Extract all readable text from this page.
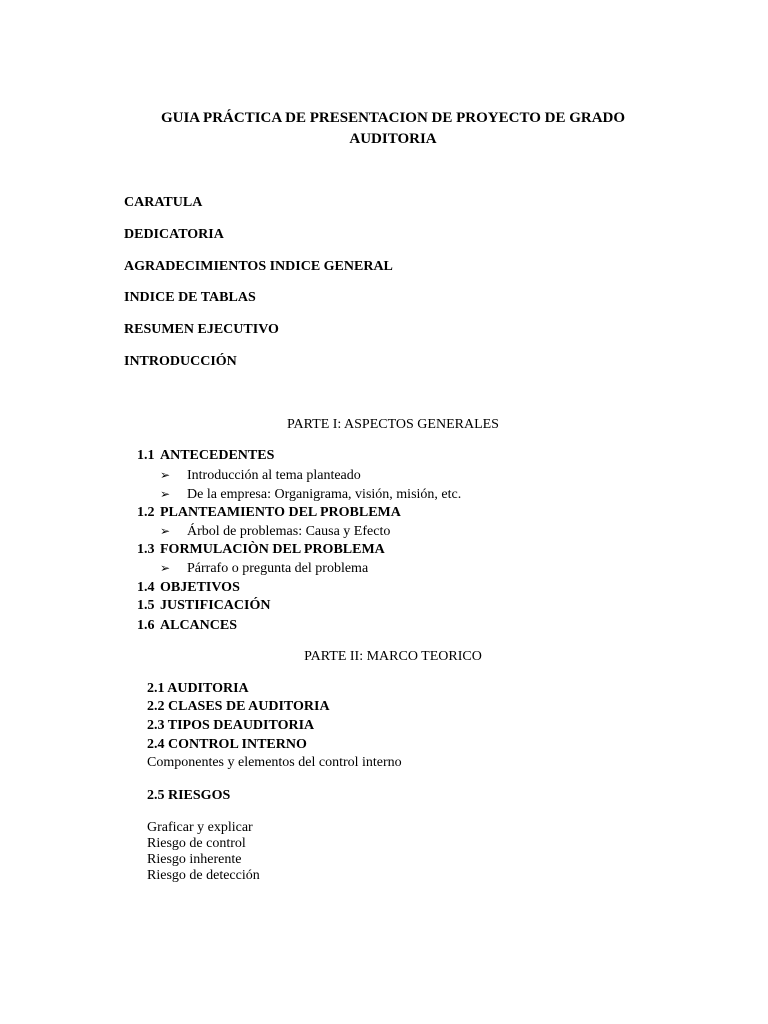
GUIA PRÁCTICA DE PRESENTACION DE PROYECTO DE GRADO
AUDITORIA
CARATULA
DEDICATORIA
AGRADECIMIENTOS INDICE GENERAL
INDICE DE TABLAS
RESUMEN EJECUTIVO
INTRODUCCIÓN
PARTE I: ASPECTOS GENERALES
1.1 ANTECEDENTES
➢ Introducción al tema planteado
➢ De la empresa: Organigrama, visión, misión, etc.
1.2 PLANTEAMIENTO DEL PROBLEMA
➢ Árbol de problemas: Causa y Efecto
1.3 FORMULACIÒN DEL PROBLEMA
➢ Párrafo o pregunta del problema
1.4 OBJETIVOS
1.5 JUSTIFICACIÓN
1.6 ALCANCES
PARTE II: MARCO TEORICO
2.1 AUDITORIA
2.2 CLASES DE AUDITORIA
2.3 TIPOS DEAUDITORIA
2.4 CONTROL INTERNO
Componentes y elementos del control interno
2.5 RIESGOS
Graficar y explicar
Riesgo de control
Riesgo inherente
Riesgo de detección
